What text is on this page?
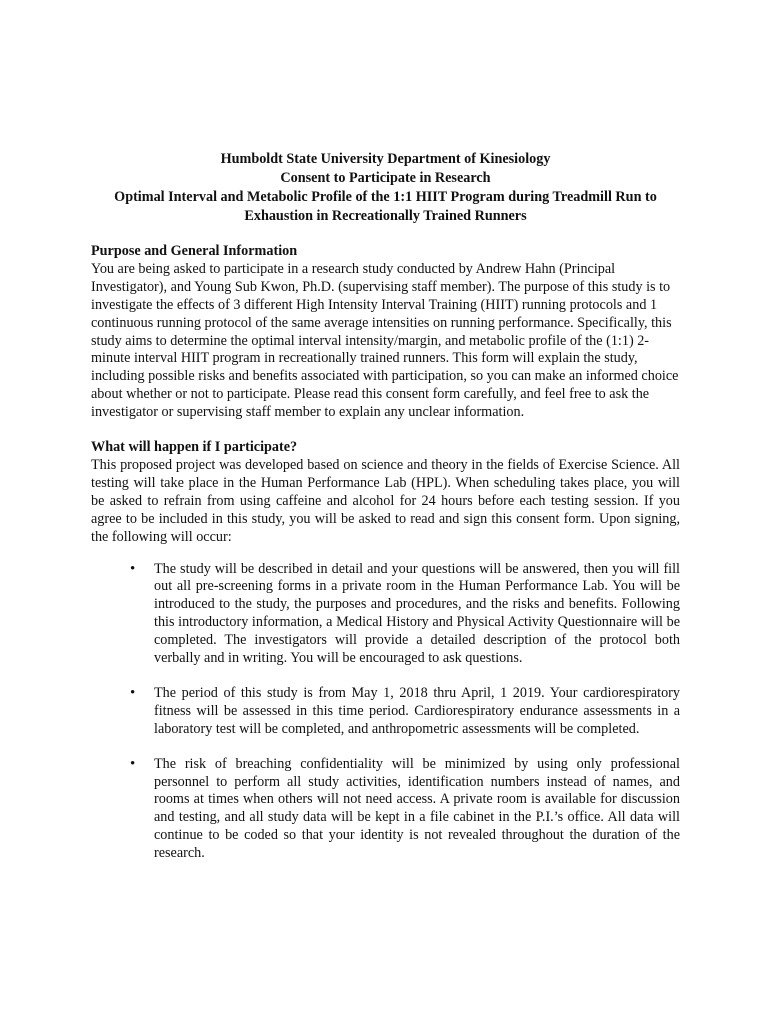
Humboldt State University Department of Kinesiology
Consent to Participate in Research
Optimal Interval and Metabolic Profile of the 1:1 HIIT Program during Treadmill Run to
Exhaustion in Recreationally Trained Runners
Purpose and General Information

You are being asked to participate in a research study conducted by Andrew Hahn (Principal Investigator), and Young Sub Kwon, Ph.D. (supervising staff member). The purpose of this study is to investigate the effects of 3 different High Intensity Interval Training (HIIT) running protocols and 1 continuous running protocol of the same average intensities on running performance. Specifically, this study aims to determine the optimal interval intensity/margin, and metabolic profile of the (1:1) 2-minute interval HIIT program in recreationally trained runners. This form will explain the study, including possible risks and benefits associated with participation, so you can make an informed choice about whether or not to participate. Please read this consent form carefully, and feel free to ask the investigator or supervising staff member to explain any unclear information.

What will happen if I participate?

This proposed project was developed based on science and theory in the fields of Exercise Science. All testing will take place in the Human Performance Lab (HPL). When scheduling takes place, you will be asked to refrain from using caffeine and alcohol for 24 hours before each testing session. If you agree to be included in this study, you will be asked to read and sign this consent form. Upon signing, the following will occur:

• The study will be described in detail and your questions will be answered, then you will fill out all pre-screening forms in a private room in the Human Performance Lab. You will be introduced to the study, the purposes and procedures, and the risks and benefits. Following this introductory information, a Medical History and Physical Activity Questionnaire will be completed. The investigators will provide a detailed description of the protocol both verbally and in writing. You will be encouraged to ask questions.
• The period of this study is from May 1, 2018 thru April, 1 2019. Your cardiorespiratory fitness will be assessed in this time period. Cardiorespiratory endurance assessments in a laboratory test will be completed, and anthropometric assessments will be completed.
• The risk of breaching confidentiality will be minimized by using only professional personnel to perform all study activities, identification numbers instead of names, and rooms at times when others will not need access. A private room is available for discussion and testing, and all study data will be kept in a file cabinet in the P.I.’s office. All data will continue to be coded so that your identity is not revealed throughout the duration of the research.
